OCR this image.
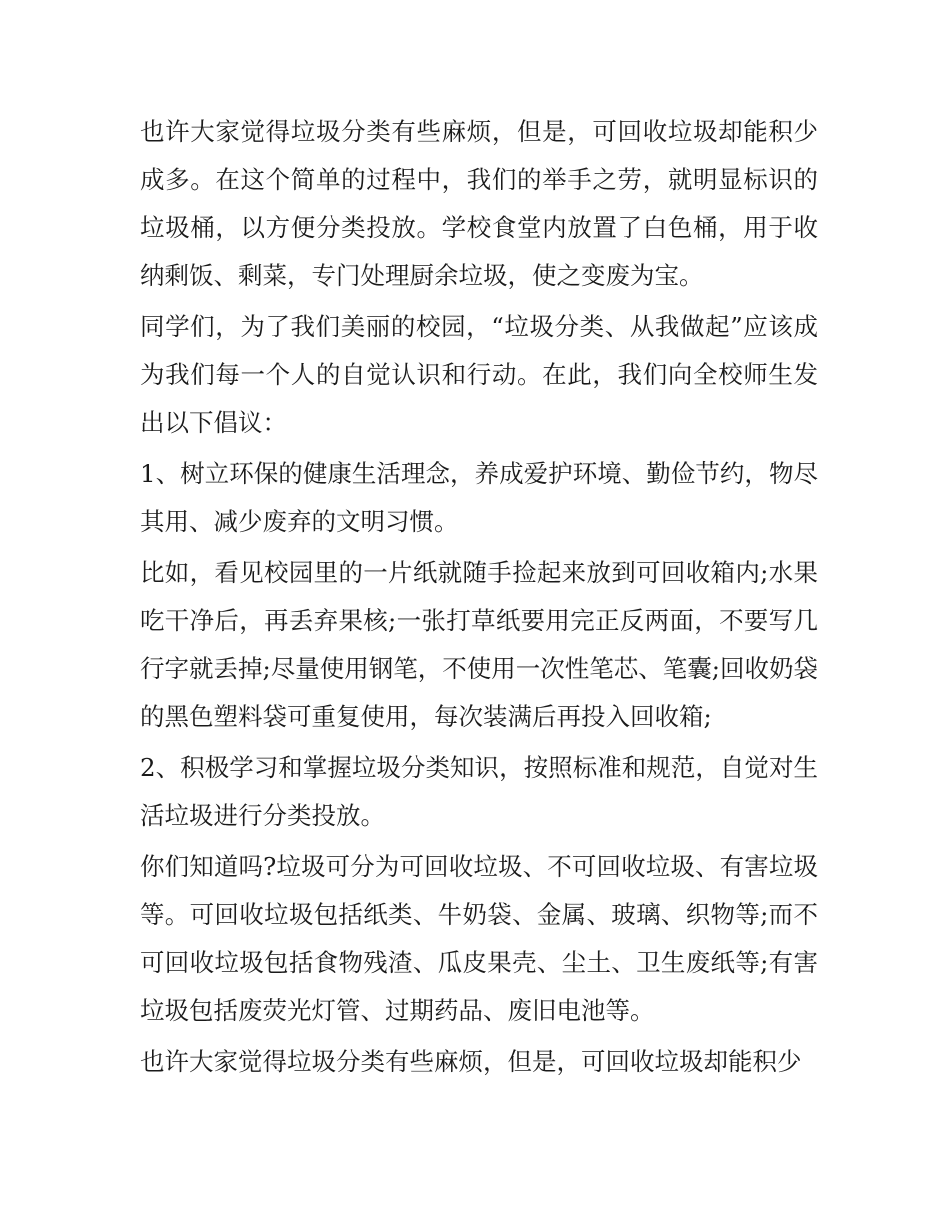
也许大家觉得垃圾分类有些麻烦，但是，可回收垃圾却能积少成多。在这个简单的过程中，我们的举手之劳，就明显标识的垃圾桶，以方便分类投放。学校食堂内放置了白色桶，用于收纳剩饭、剩菜，专门处理厨余垃圾，使之变废为宝。

同学们，为了我们美丽的校园，“垃圾分类、从我做起”应该成为我们每一个人的自觉认识和行动。在此，我们向全校师生发出以下倡议：

1、树立环保的健康生活理念，养成爱护环境、勤俭节约，物尽其用、减少废弃的文明习惯。

比如，看见校园里的一片纸就随手捡起来放到可回收箱内;水果吃干净后，再丢弃果核;一张打草纸要用完正反两面，不要写几行字就丢掉;尽量使用钢笔，不使用一次性笔芯、笔囊;回收奶袋的黑色塑料袋可重复使用，每次装满后再投入回收箱;

2、积极学习和掌握垃圾分类知识，按照标准和规范，自觉对生活垃圾进行分类投放。

你们知道吗?垃圾可分为可回收垃圾、不可回收垃圾、有害垃圾等。可回收垃圾包括纸类、牛奶袋、金属、玻璃、织物等;而不可回收垃圾包括食物残渣、瓜皮果壳、尘土、卫生废纸等;有害垃圾包括废荧光灯管、过期药品、废旧电池等。

也许大家觉得垃圾分类有些麻烦，但是，可回收垃圾却能积少
